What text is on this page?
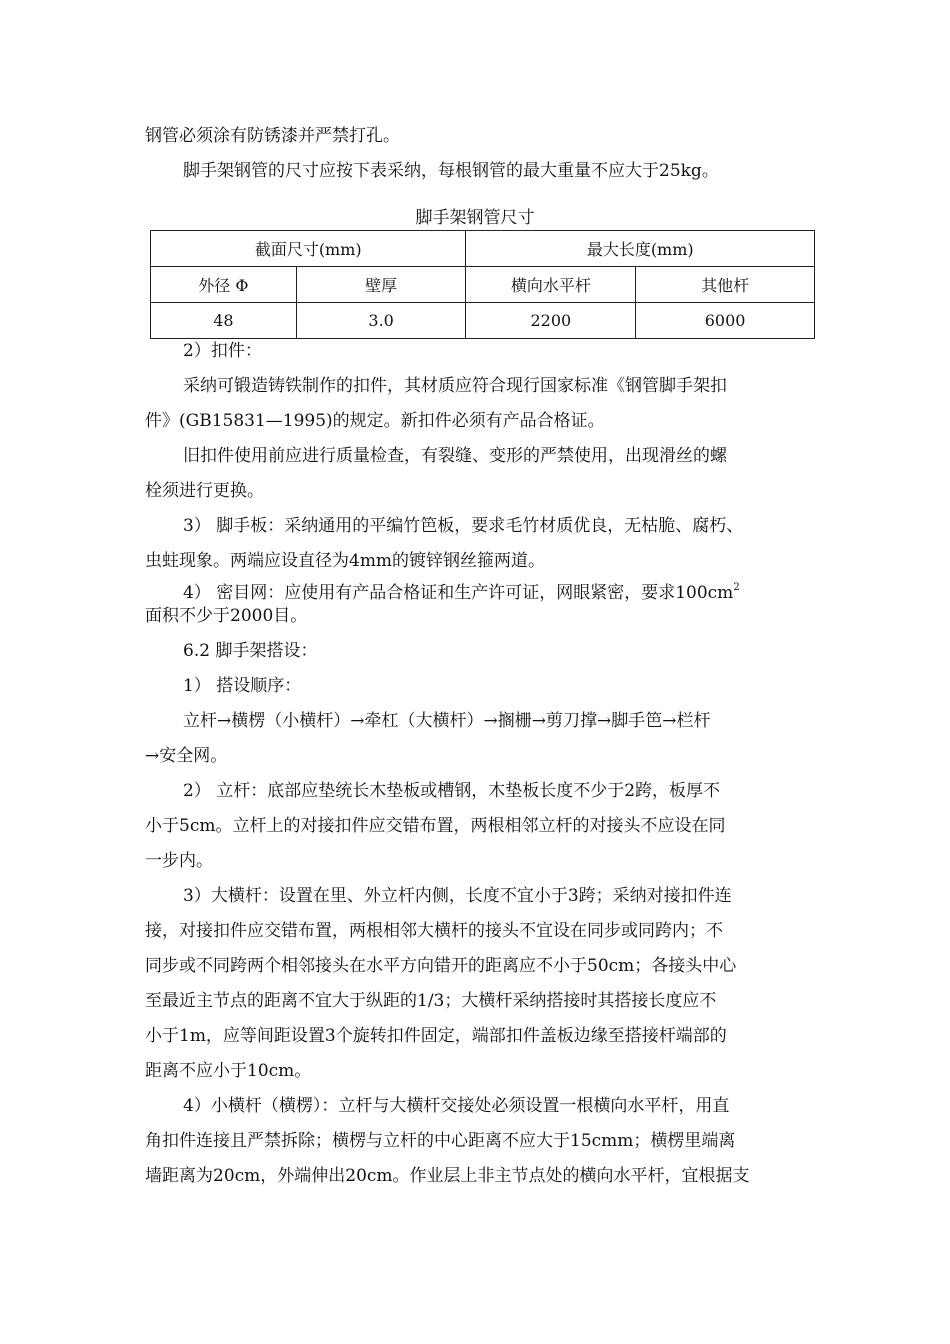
钢管必须涂有防锈漆并严禁打孔。
脚手架钢管的尺寸应按下表采纳，每根钢管的最大重量不应大于25kg。
2）扣件：
采纳可锻造铸铁制作的扣件，其材质应符合现行国家标准《钢管脚手架扣
件》(GB15831—1995)的规定。新扣件必须有产品合格证。
旧扣件使用前应进行质量检查，有裂缝、变形的严禁使用，出现滑丝的螺
栓须进行更换。
3） 脚手板：采纳通用的平编竹笆板，要求毛竹材质优良，无枯脆、腐朽、
虫蛀现象。两端应设直径为4mm的镀锌钢丝箍两道。
4） 密目网：应使用有产品合格证和生产许可证，网眼紧密，要求$100cm^2$
面积不少于2000目。
6.2 脚手架搭设：
1） 搭设顺序：
立杆→横楞（小横杆）→牵杠（大横杆）→搁栅→剪刀撑→脚手笆→栏杆
→安全网。
2） 立杆：底部应垫统长木垫板或槽钢，木垫板长度不少于2跨，板厚不
小于5cm。立杆上的对接扣件应交错布置，两根相邻立杆的对接头不应设在同
一步内。
3）大横杆：设置在里、外立杆内侧，长度不宜小于3跨；采纳对接扣件连
接，对接扣件应交错布置，两根相邻大横杆的接头不宜设在同步或同跨内；不
同步或不同跨两个相邻接头在水平方向错开的距离应不小于50cm；各接头中心
至最近主节点的距离不宜大于纵距的1/3；大横杆采纳搭接时其搭接长度应不
小于1m，应等间距设置3个旋转扣件固定，端部扣件盖板边缘至搭接杆端部的
距离不应小于10cm。
4）小横杆（横楞）：立杆与大横杆交接处必须设置一根横向水平杆，用直
角扣件连接且严禁拆除；横楞与立杆的中心距离不应大于15cmm；横楞里端离
墙距离为20cm，外端伸出20cm。作业层上非主节点处的横向水平杆，宜根据支
脚手架钢管尺寸
截面尺寸(mm)		最大长度(mm)	
外径 Φ	壁厚	横向水平杆	其他杆
48	3.0	2200	6000
